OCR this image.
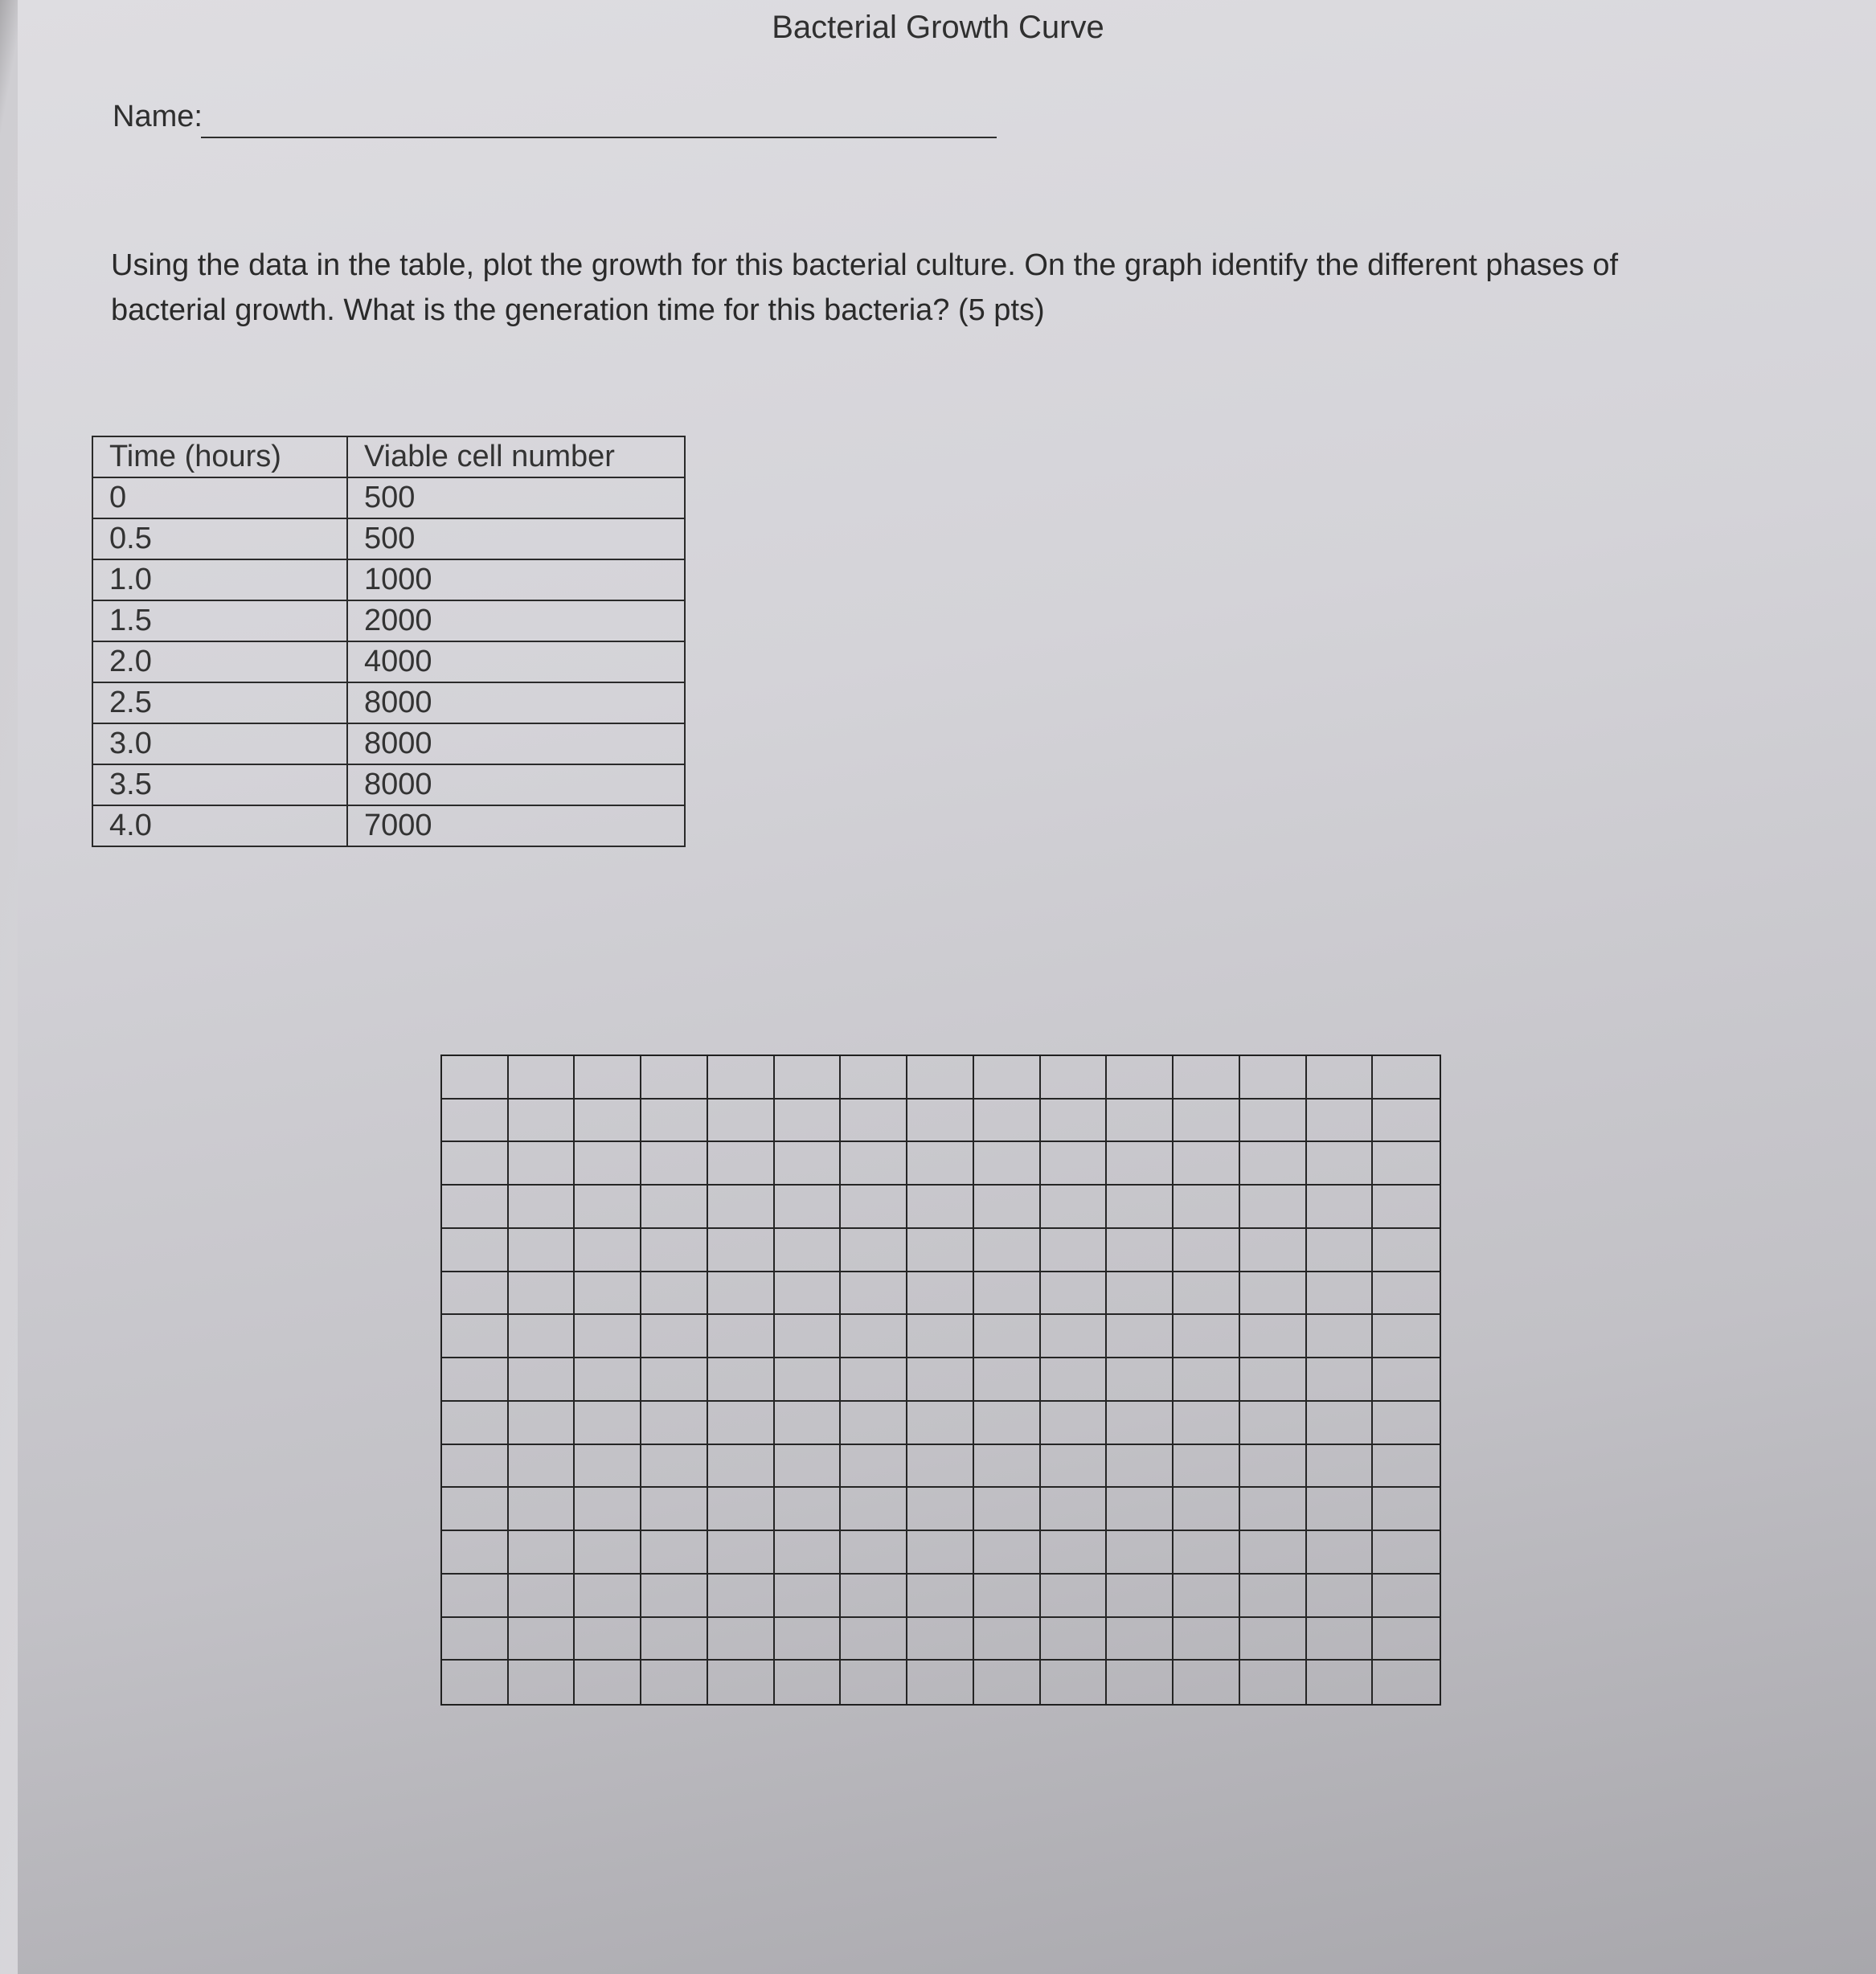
Bacterial Growth Curve
Name:
Using the data in the table, plot the growth for this bacterial culture. On the graph identify the different phases of bacterial growth. What is the generation time for this bacteria? (5 pts)
Time (hours)	Viable cell number
0	500
0.5	500
1.0	1000
1.5	2000
2.0	4000
2.5	8000
3.0	8000
3.5	8000
4.0	7000
